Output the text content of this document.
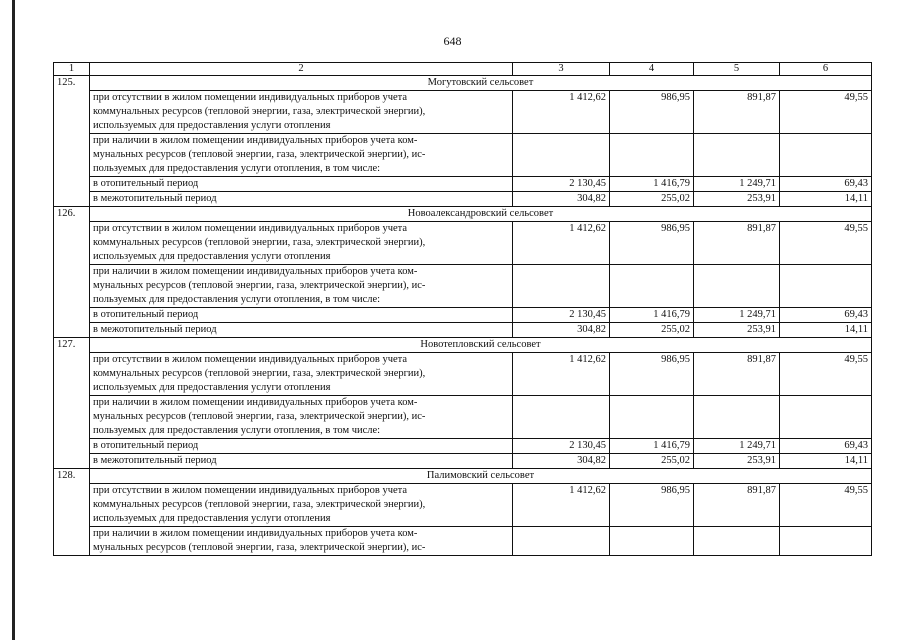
648
1	2	3	4	5	6
125.	Могутовский сельсовет				

	при отсутствии в жилом помещении индивидуальных приборов учета
коммунальных ресурсов (тепловой энергии, газа, электрической энергии),
используемых для предоставления услуги отопления	1 412,62	986,95	891,87	49,55

	при наличии в жилом помещении индивидуальных приборов учета ком-
мунальных ресурсов (тепловой энергии, газа, электрической энергии), ис-
пользуемых для предоставления услуги отопления, в том числе:				

	в отопительный период	2 130,45	1 416,79	1 249,71	69,43

	в межотопительный период	304,82	255,02	253,91	14,11
126.	Новоалександровский сельсовет				

	при отсутствии в жилом помещении индивидуальных приборов учета
коммунальных ресурсов (тепловой энергии, газа, электрической энергии),
используемых для предоставления услуги отопления	1 412,62	986,95	891,87	49,55

	при наличии в жилом помещении индивидуальных приборов учета ком-
мунальных ресурсов (тепловой энергии, газа, электрической энергии), ис-
пользуемых для предоставления услуги отопления, в том числе:				

	в отопительный период	2 130,45	1 416,79	1 249,71	69,43

	в межотопительный период	304,82	255,02	253,91	14,11
127.	Новотепловский сельсовет				

	при отсутствии в жилом помещении индивидуальных приборов учета
коммунальных ресурсов (тепловой энергии, газа, электрической энергии),
используемых для предоставления услуги отопления	1 412,62	986,95	891,87	49,55

	при наличии в жилом помещении индивидуальных приборов учета ком-
мунальных ресурсов (тепловой энергии, газа, электрической энергии), ис-
пользуемых для предоставления услуги отопления, в том числе:				

	в отопительный период	2 130,45	1 416,79	1 249,71	69,43

	в межотопительный период	304,82	255,02	253,91	14,11
128.	Палимовский сельсовет				

	при отсутствии в жилом помещении индивидуальных приборов учета
коммунальных ресурсов (тепловой энергии, газа, электрической энергии),
используемых для предоставления услуги отопления	1 412,62	986,95	891,87	49,55

	при наличии в жилом помещении индивидуальных приборов учета ком-
мунальных ресурсов (тепловой энергии, газа, электрической энергии), ис-				
